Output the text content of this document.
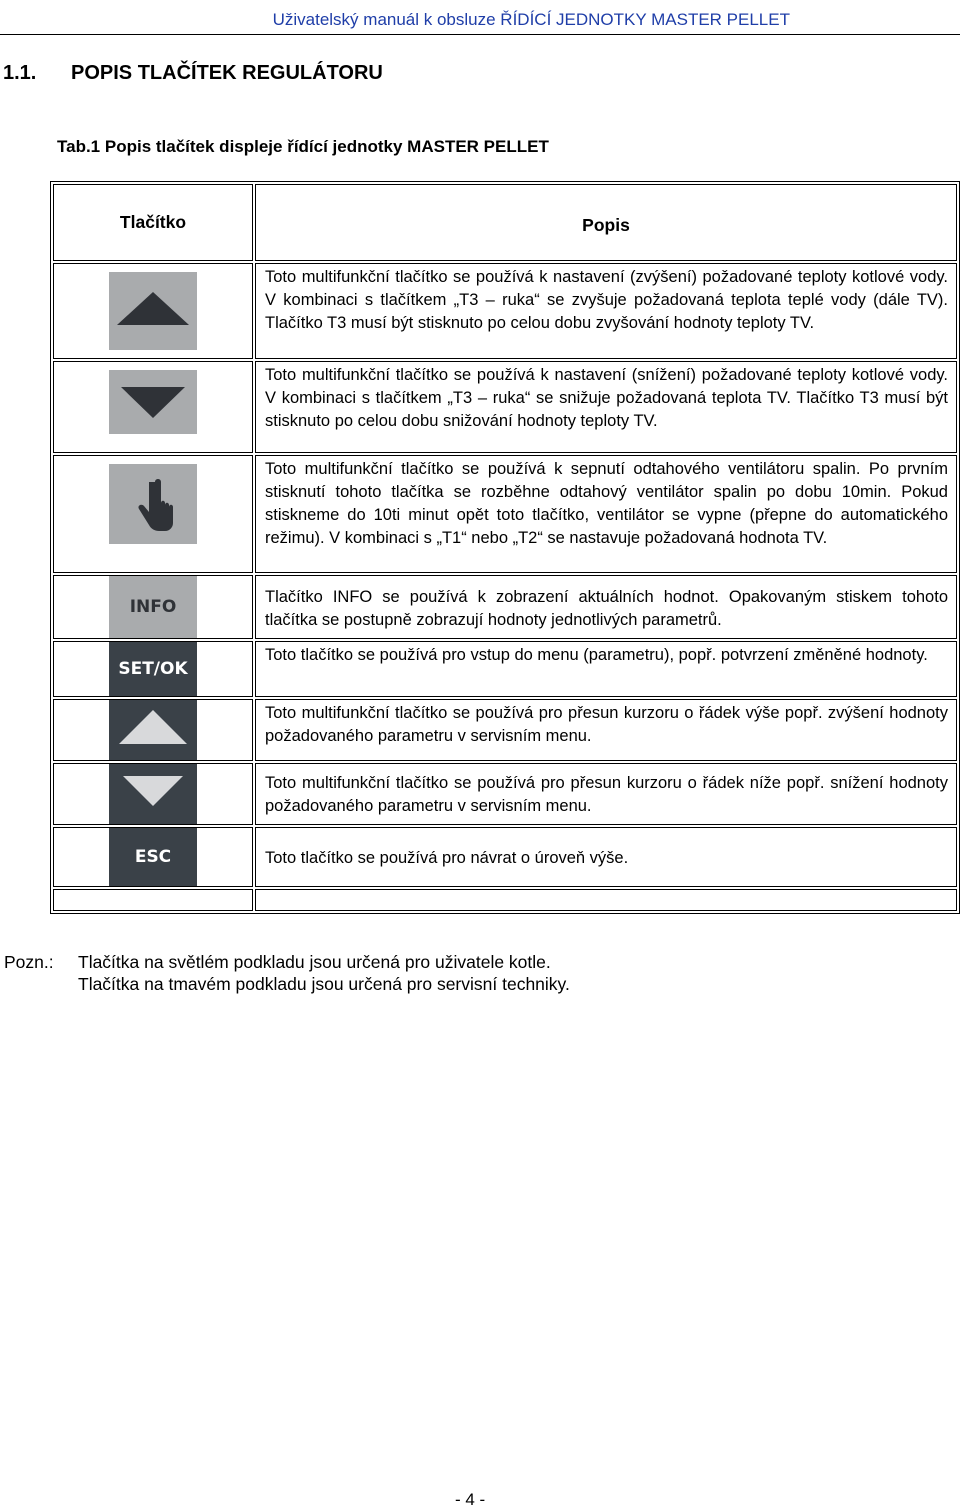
Uživatelský manuál k obsluze ŘÍDÍCÍ JEDNOTKY MASTER PELLET
1.1. POPIS TLAČÍTEK REGULÁTORU
Tab.1 Popis tlačítek displeje řídící jednotky MASTER PELLET
Tlačítko	Popis

	Toto multifunkční tlačítko se používá k nastavení (zvýšení) požadované teploty kotlové vody. V kombinaci s tlačítkem „T3 – ruka“ se zvyšuje požadovaná teplota teplé vody (dále TV). Tlačítko T3 musí být stisknuto po celou dobu zvyšování hodnoty teploty TV.

	Toto multifunkční tlačítko se používá k nastavení (snížení) požadované teploty kotlové vody. V kombinaci s tlačítkem „T3 – ruka“ se snižuje požadovaná teplota TV. Tlačítko T3 musí být stisknuto po celou dobu snižování hodnoty teploty TV.

	Toto multifunkční tlačítko se používá k sepnutí odtahového ventilátoru spalin. Po prvním stisknutí tohoto tlačítka se rozběhne odtahový ventilátor spalin po dobu 10min. Pokud stiskneme do 10ti minut opět toto tlačítko, ventilátor se vypne (přepne do automatického režimu). V kombinaci s „T1“ nebo „T2“ se nastavuje požadovaná hodnota TV.

INFO	Tlačítko INFO se používá k zobrazení aktuálních hodnot. Opakovaným stiskem tohoto tlačítka se postupně zobrazují hodnoty jednotlivých parametrů.

SET/OK	Toto tlačítko se používá pro vstup do menu (parametru), popř. potvrzení změněné hodnoty.

	Toto multifunkční tlačítko se používá pro přesun kurzoru o řádek výše popř. zvýšení hodnoty požadovaného parametru v servisním menu.

	Toto multifunkční tlačítko se používá pro přesun kurzoru o řádek níže popř. snížení hodnoty požadovaného parametru v servisním menu.

ESC	Toto tlačítko se používá pro návrat o úroveň výše.

Pozn.: Tlačítka na světlém podkladu jsou určená pro uživatele kotle.
Tlačítka na tmavém podkladu jsou určená pro servisní techniky.
- 4 -
